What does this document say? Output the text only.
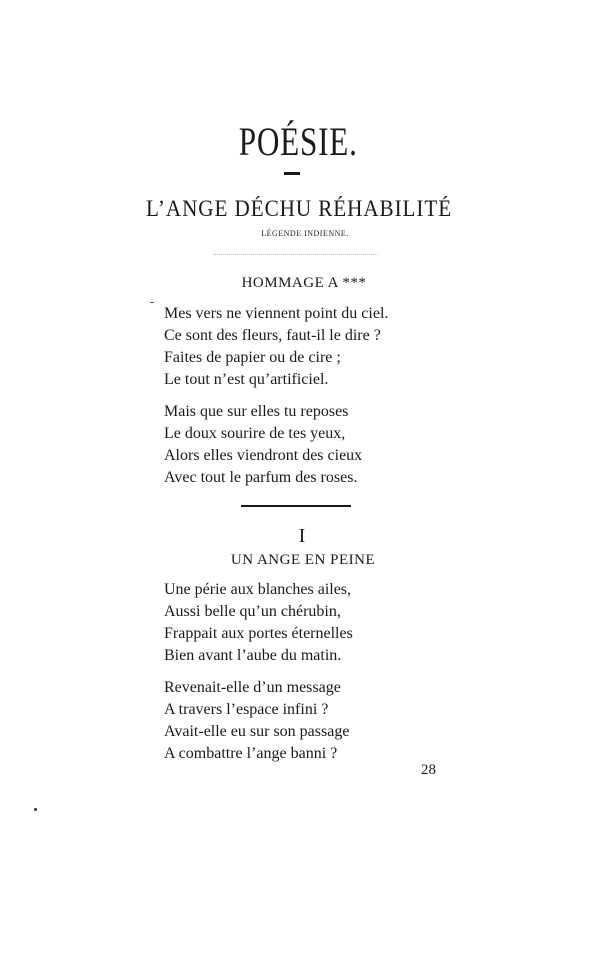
POÉSIE.
L’ANGE DÉCHU RÉHABILITÉ
LÉGENDE INDIENNE.
HOMMAGE A ***
Mes vers ne viennent point du ciel.
Ce sont des fleurs, faut-il le dire ?
Faites de papier ou de cire ;
Le tout n’est qu’artificiel.
Mais que sur elles tu reposes
Le doux sourire de tes yeux,
Alors elles viendront des cieux
Avec tout le parfum des roses.
I
UN ANGE EN PEINE
Une périe aux blanches ailes,
Aussi belle qu’un chérubin,
Frappait aux portes éternelles
Bien avant l’aube du matin.
Revenait-elle d’un message
A travers l’espace infini ?
Avait-elle eu sur son passage
A combattre l’ange banni ?
28
